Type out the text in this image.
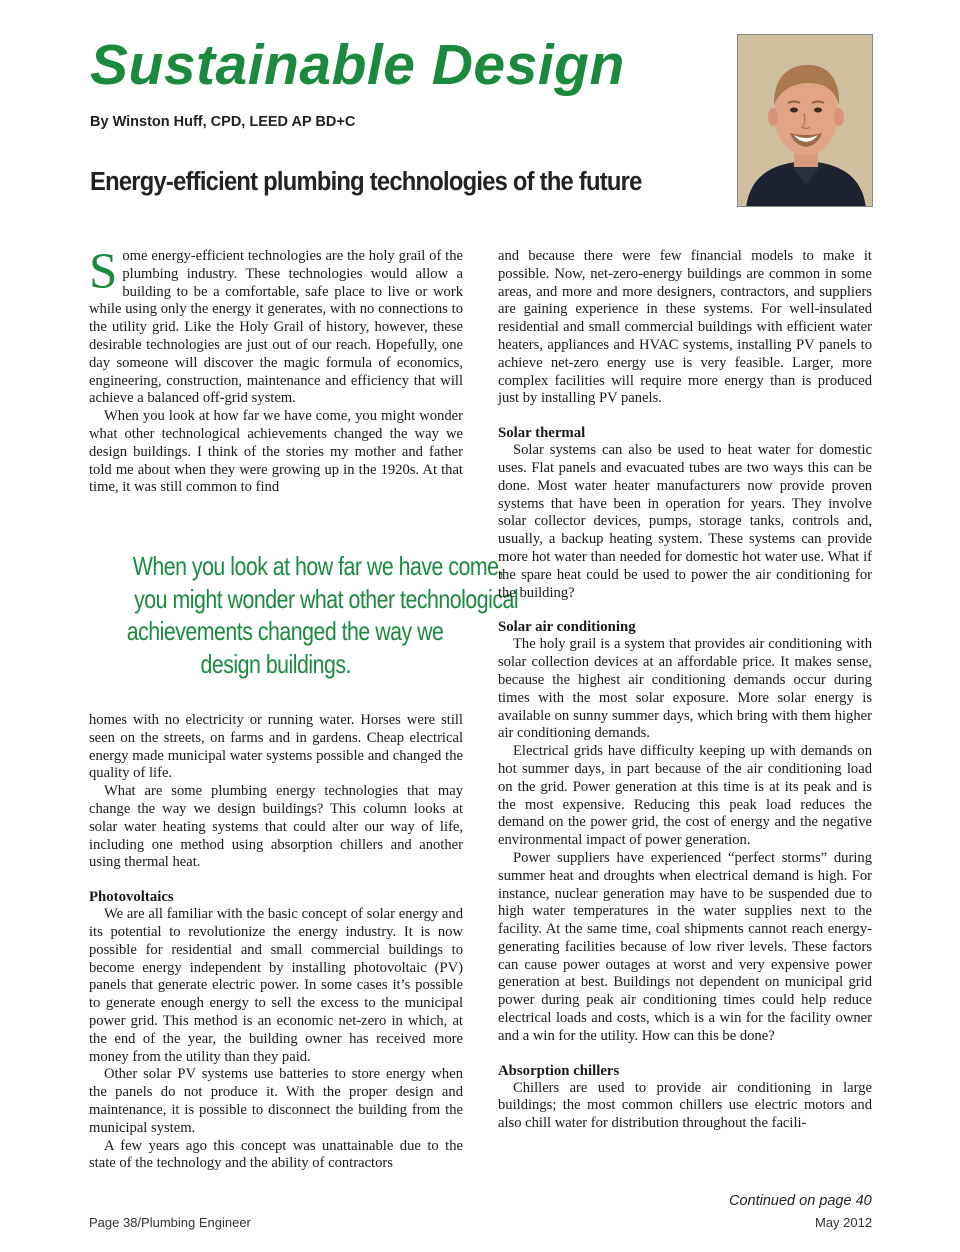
Sustainable Design
By Winston Huff, CPD, LEED AP BD+C
Energy-efficient plumbing technologies of the future

Some energy-efficient technologies are the holy grail of the plumbing industry. These technologies would allow a building to be a comfortable, safe place to live or work while using only the energy it generates, with no connections to the utility grid. Like the Holy Grail of history, however, these desirable technologies are just out of our reach. Hopefully, one day someone will discover the magic formula of economics, engineering, construction, maintenance and efficiency that will achieve a balanced off-grid system.

When you look at how far we have come, you might wonder what other technological achievements changed the way we design buildings. I think of the stories my mother and father told me about when they were growing up in the 1920s. At that time, it was still common to find

When you look at how far we have come,
you might wonder what other technological
achievements changed the way we
design buildings.

homes with no electricity or running water. Horses were still seen on the streets, on farms and in gardens. Cheap electrical energy made municipal water systems possible and changed the quality of life.

What are some plumbing energy technologies that may change the way we design buildings? This column looks at solar water heating systems that could alter our way of life, including one method using absorption chillers and another using thermal heat.

Photovoltaics

We are all familiar with the basic concept of solar energy and its potential to revolutionize the energy industry. It is now possible for residential and small commercial buildings to become energy independent by installing photovoltaic (PV) panels that generate electric power. In some cases it’s possible to generate enough energy to sell the excess to the municipal power grid. This method is an economic net-zero in which, at the end of the year, the building owner has received more money from the utility than they paid.

Other solar PV systems use batteries to store energy when the panels do not produce it. With the proper design and maintenance, it is possible to disconnect the building from the municipal system.

A few years ago this concept was unattainable due to the state of the technology and the ability of contractors

and because there were few financial models to make it possible. Now, net-zero-energy buildings are common in some areas, and more and more designers, contractors, and suppliers are gaining experience in these systems. For well-insulated residential and small commercial buildings with efficient water heaters, appliances and HVAC systems, installing PV panels to achieve net-zero energy use is very feasible. Larger, more complex facilities will require more energy than is produced just by installing PV panels.

Solar thermal

Solar systems can also be used to heat water for domestic uses. Flat panels and evacuated tubes are two ways this can be done. Most water heater manufacturers now provide proven systems that have been in operation for years. They involve solar collector devices, pumps, storage tanks, controls and, usually, a backup heating system. These systems can provide more hot water than needed for domestic hot water use. What if the spare heat could be used to power the air conditioning for the building?

Solar air conditioning

The holy grail is a system that provides air conditioning with solar collection devices at an affordable price. It makes sense, because the highest air conditioning demands occur during times with the most solar exposure. More solar energy is available on sunny summer days, which bring with them higher air conditioning demands.

Electrical grids have difficulty keeping up with demands on hot summer days, in part because of the air conditioning load on the grid. Power generation at this time is at its peak and is the most expensive. Reducing this peak load reduces the demand on the power grid, the cost of energy and the negative environmental impact of power generation.

Power suppliers have experienced “perfect storms” during summer heat and droughts when electrical demand is high. For instance, nuclear generation may have to be suspended due to high water temperatures in the water supplies next to the facility. At the same time, coal shipments cannot reach energy-generating facilities because of low river levels. These factors can cause power outages at worst and very expensive power generation at best. Buildings not dependent on municipal grid power during peak air conditioning times could help reduce electrical loads and costs, which is a win for the facility owner and a win for the utility. How can this be done?

Absorption chillers

Chillers are used to provide air conditioning in large buildings; the most common chillers use electric motors and also chill water for distribution throughout the facili-

Continued on page 40
Page 38/Plumbing Engineer	May 2012
